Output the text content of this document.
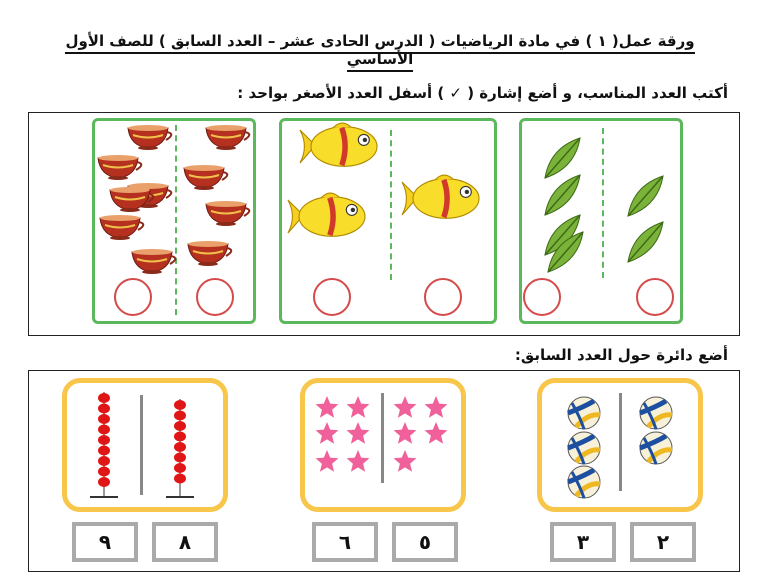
ورقة عمل( ١ ) في مادة الرياضيات ( الدرس الحادى عشر – العدد السابق ) للصف الأول الأساسي
أكتب العدد المناسب، و أضع إشارة ( ✓ ) أسفل العدد الأصغر بواحد :
أضع دائرة حول العدد السابق:
٩	٨	٦	٥	٣	٢
